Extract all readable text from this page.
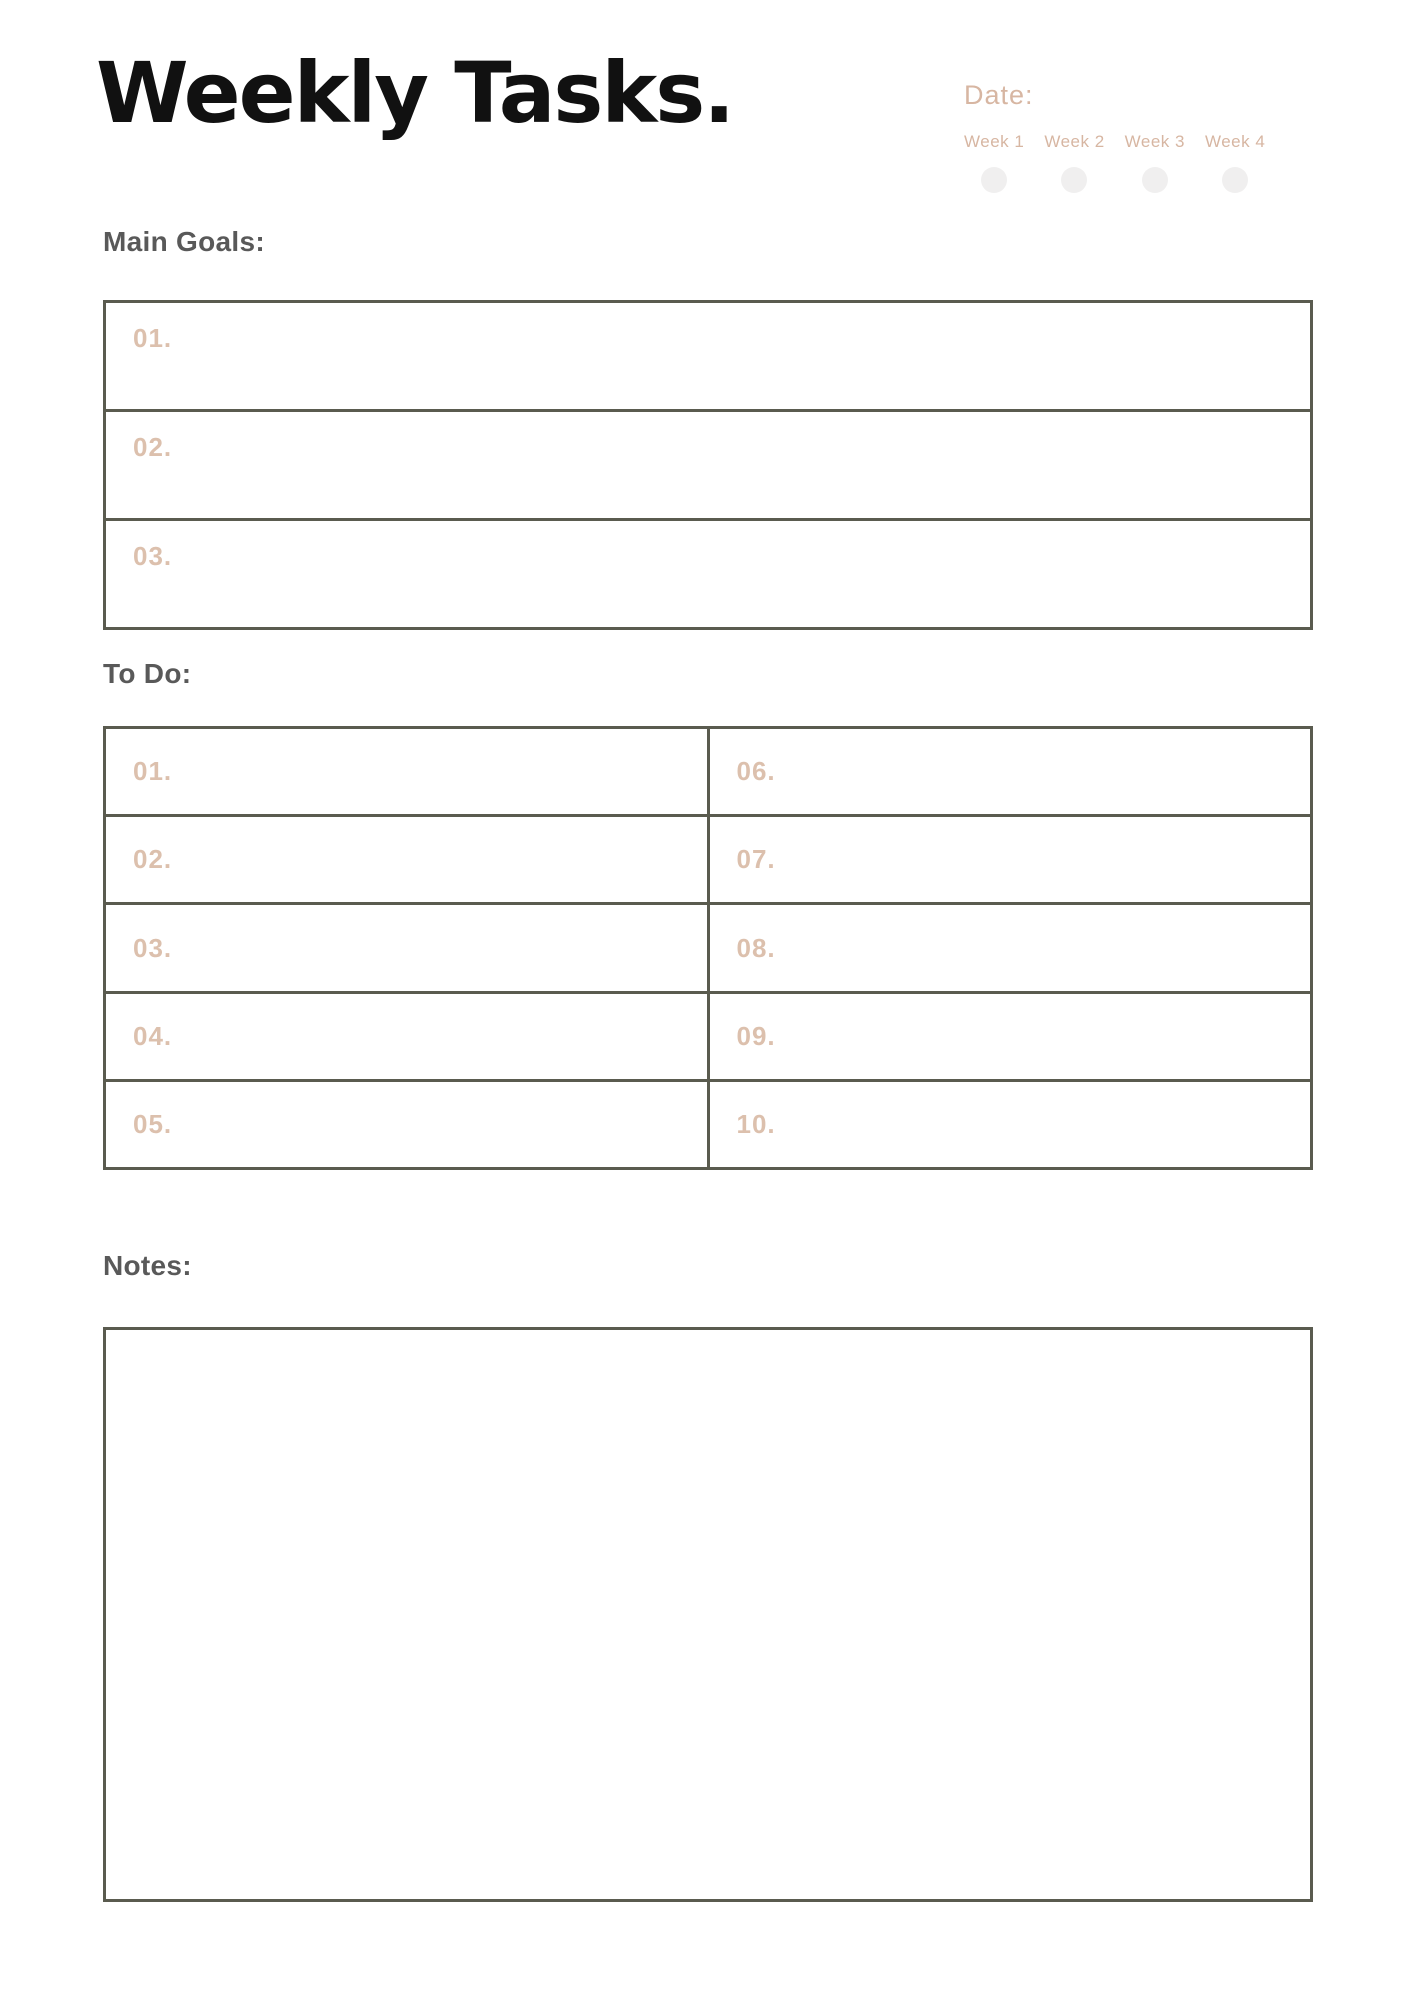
Weekly Tasks.	Date:
Week 1 Week 2 Week 3 Week 4
Main Goals:
01.
02.
03.
To Do:
01.
02.
03.
04.
05.
06.
07.
08.
09.
10.
Notes:
